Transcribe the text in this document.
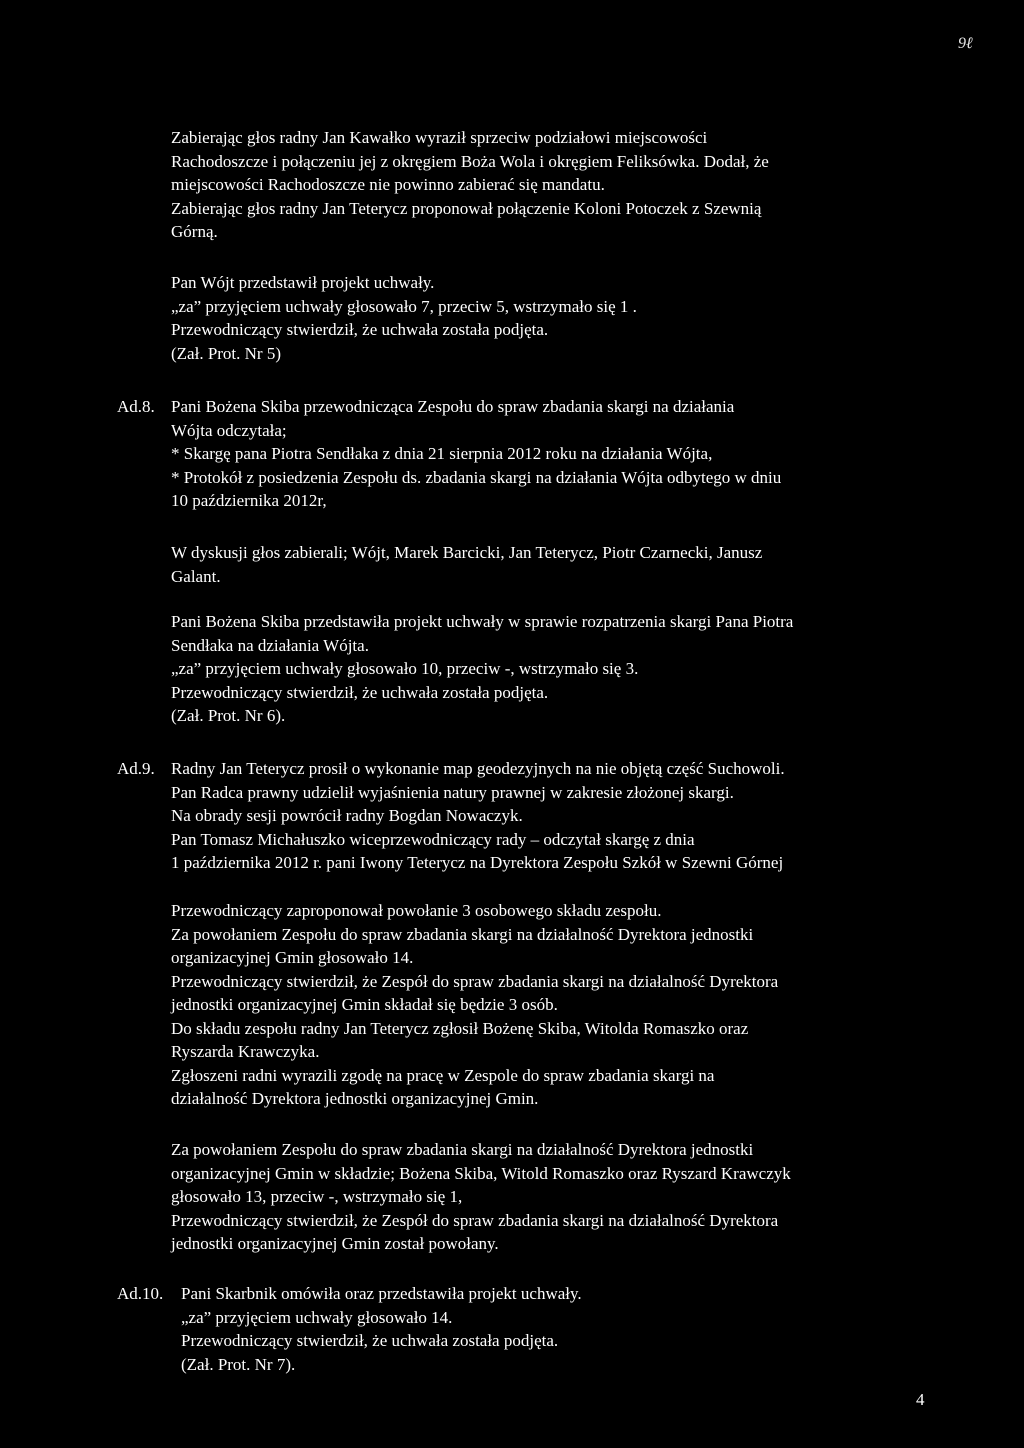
9ℓ
Zabierając głos radny Jan Kawałko wyraził sprzeciw podziałowi miejscowości
Rachodoszcze i połączeniu jej z okręgiem Boża Wola i okręgiem Feliksówka. Dodał, że
miejscowości Rachodoszcze nie powinno zabierać się mandatu.
Zabierając głos radny Jan Teterycz proponował połączenie Koloni Potoczek z Szewnią
Górną.
Pan Wójt przedstawił projekt uchwały.
„za” przyjęciem uchwały głosowało 7, przeciw 5, wstrzymało się 1 .
Przewodniczący stwierdził, że uchwała została podjęta.
(Zał. Prot. Nr 5)
Ad.8. Pani Bożena Skiba przewodnicząca Zespołu do spraw zbadania skargi na działania
Wójta odczytała;
* Skargę pana Piotra Sendłaka z dnia 21 sierpnia 2012 roku na działania Wójta,
* Protokół z posiedzenia Zespołu ds. zbadania skargi na działania Wójta odbytego w dniu
10 października 2012r,
W dyskusji głos zabierali; Wójt, Marek Barcicki, Jan Teterycz, Piotr Czarnecki, Janusz
Galant.
Pani Bożena Skiba przedstawiła projekt uchwały w sprawie rozpatrzenia skargi Pana Piotra
Sendłaka na działania Wójta.
„za” przyjęciem uchwały głosowało 10, przeciw -, wstrzymało się 3.
Przewodniczący stwierdził, że uchwała została podjęta.
(Zał. Prot. Nr 6).
Ad.9. Radny Jan Teterycz prosił o wykonanie map geodezyjnych na nie objętą część Suchowoli.
Pan Radca prawny udzielił wyjaśnienia natury prawnej w zakresie złożonej skargi.
Na obrady sesji powrócił radny Bogdan Nowaczyk.
Pan Tomasz Michałuszko wiceprzewodniczący rady – odczytał skargę z dnia
1 października 2012 r. pani Iwony Teterycz na Dyrektora Zespołu Szkół w Szewni Górnej
Przewodniczący zaproponował powołanie 3 osobowego składu zespołu.
Za powołaniem Zespołu do spraw zbadania skargi na działalność Dyrektora jednostki
organizacyjnej Gmin głosowało 14.
Przewodniczący stwierdził, że Zespół do spraw zbadania skargi na działalność Dyrektora
jednostki organizacyjnej Gmin składał się będzie 3 osób.
Do składu zespołu radny Jan Teterycz zgłosił Bożenę Skiba, Witolda Romaszko oraz
Ryszarda Krawczyka.
Zgłoszeni radni wyrazili zgodę na pracę w Zespole do spraw zbadania skargi na
działalność Dyrektora jednostki organizacyjnej Gmin.
Za powołaniem Zespołu do spraw zbadania skargi na działalność Dyrektora jednostki
organizacyjnej Gmin w składzie; Bożena Skiba, Witold Romaszko oraz Ryszard Krawczyk
głosowało 13, przeciw -, wstrzymało się 1,
Przewodniczący stwierdził, że Zespół do spraw zbadania skargi na działalność Dyrektora
jednostki organizacyjnej Gmin został powołany.
Ad.10.	Pani Skarbnik omówiła oraz przedstawiła projekt uchwały.
„za” przyjęciem uchwały głosowało 14.
Przewodniczący stwierdził, że uchwała została podjęta.
(Zał. Prot. Nr 7).
4
